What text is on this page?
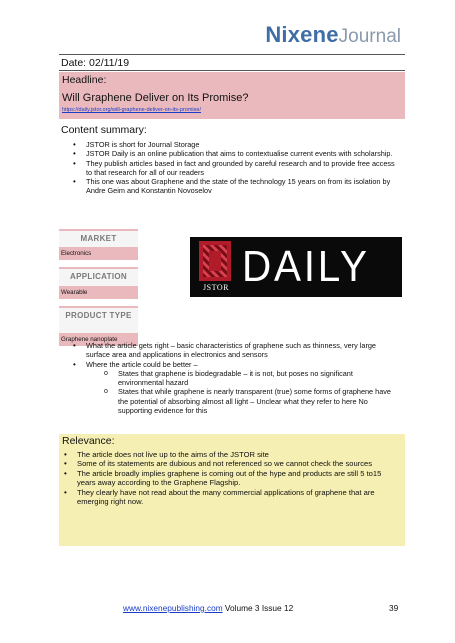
NixeneJournal
Date: 02/11/19
Headline:
Will Graphene Deliver on Its Promise?
https://daily.jstor.org/will-graphene-deliver-on-its-promise/
Content summary:
• JSTOR is short for Journal Storage
• JSTOR Daily is an online publication that aims to contextualise current events with scholarship.
• They publish articles based in fact and grounded by careful research and to provide free access to that research for all of our readers
• This one was about Graphene and the state of the technology 15 years on from its isolation by Andre Geim and Konstantin Novoselov
MARKET
Electronics
APPLICATION
Wearable
PRODUCT TYPE
Graphene nanoplate
JSTOR DAILY
• What the article gets right – basic characteristics of graphene such as thinness, very large surface area and applications in electronics and sensors
• Where the article could be better –
o States that graphene is biodegradable – it is not, but poses no significant environmental hazard
o States that while graphene is nearly transparent (true) some forms of graphene have the potential of absorbing almost all light – Unclear what they refer to here No supporting evidence for this
Relevance:
• The article does not live up to the aims of the JSTOR site
• Some of its statements are dubious and not referenced so we cannot check the sources
• The article broadly implies graphene is coming out of the hype and products are still 5 to15 years away according to the Graphene Flagship.
• They clearly have not read about the many commercial applications of graphene that are emerging right now.
www.nixenepublishing.com Volume 3 Issue 12	39
